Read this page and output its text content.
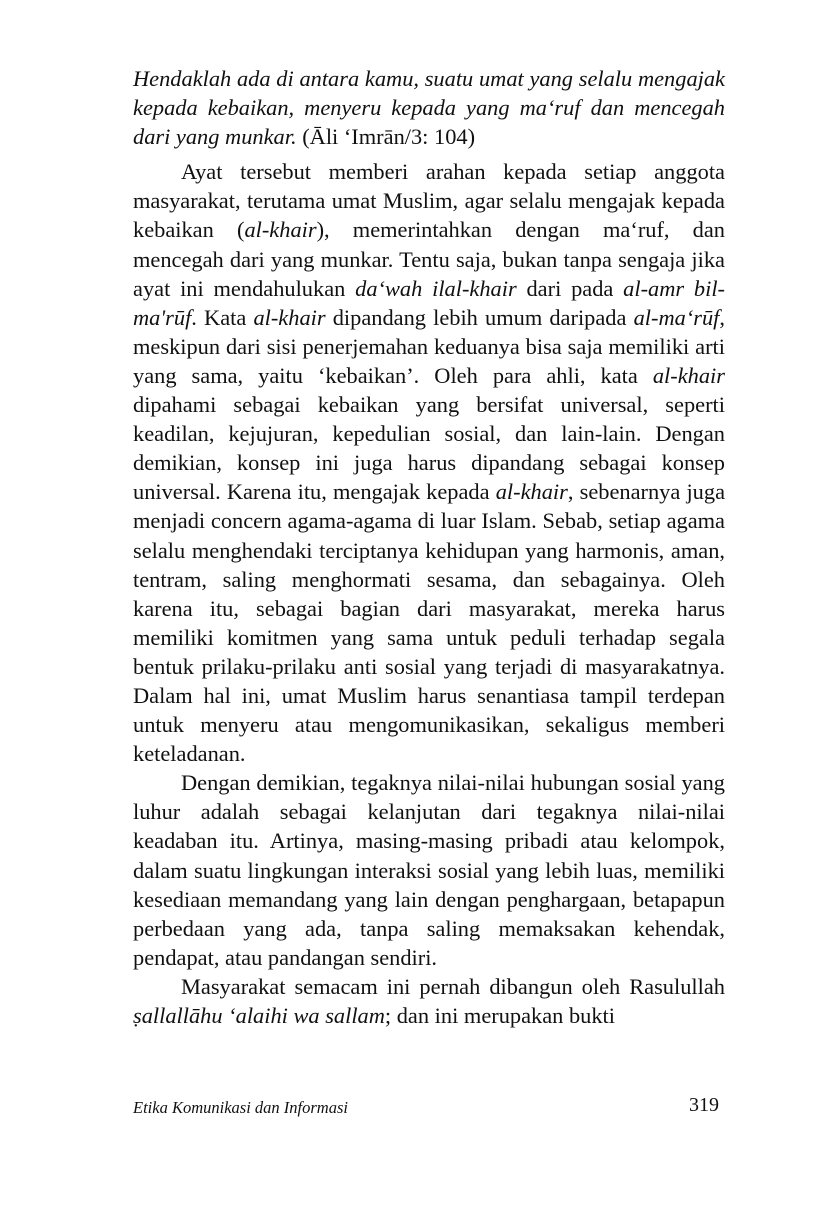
Hendaklah ada di antara kamu, suatu umat yang selalu mengajak kepada kebaikan, menyeru kepada yang ma‘ruf dan mencegah dari yang munkar. (Āli ‘Imrān/3: 104)

Ayat tersebut memberi arahan kepada setiap anggota masyarakat, terutama umat Muslim, agar selalu mengajak kepada kebaikan (al-khair), memerintahkan dengan ma‘ruf, dan mencegah dari yang munkar. Tentu saja, bukan tanpa sengaja jika ayat ini mendahulukan da‘wah ilal-khair dari pada al-amr bil-ma'rūf. Kata al-khair dipandang lebih umum daripada al-ma‘rūf, meskipun dari sisi penerjemahan keduanya bisa saja memiliki arti yang sama, yaitu ‘kebaikan’. Oleh para ahli, kata al-khair dipahami sebagai kebaikan yang bersifat universal, seperti keadilan, kejujuran, kepedulian sosial, dan lain-lain. Dengan demikian, konsep ini juga harus dipandang sebagai konsep universal. Karena itu, mengajak kepada al-khair, sebenarnya juga menjadi concern agama-agama di luar Islam. Sebab, setiap agama selalu menghendaki terciptanya kehidupan yang harmonis, aman, tentram, saling menghormati sesama, dan sebagainya. Oleh karena itu, sebagai bagian dari masyarakat, mereka harus memiliki komitmen yang sama untuk peduli terhadap segala bentuk prilaku-prilaku anti sosial yang terjadi di masyarakatnya. Dalam hal ini, umat Muslim harus senantiasa tampil terdepan untuk menyeru atau mengomunikasikan, sekaligus memberi keteladanan.

Dengan demikian, tegaknya nilai-nilai hubungan sosial yang luhur adalah sebagai kelanjutan dari tegaknya nilai-nilai keadaban itu. Artinya, masing-masing pribadi atau kelompok, dalam suatu lingkungan interaksi sosial yang lebih luas, memiliki kesediaan memandang yang lain dengan penghargaan, betapapun perbedaan yang ada, tanpa saling memaksakan kehendak, pendapat, atau pandangan sendiri.

Masyarakat semacam ini pernah dibangun oleh Rasulullah ṣallallāhu ‘alaihi wa sallam; dan ini merupakan bukti

Etika Komunikasi dan Informasi	319
